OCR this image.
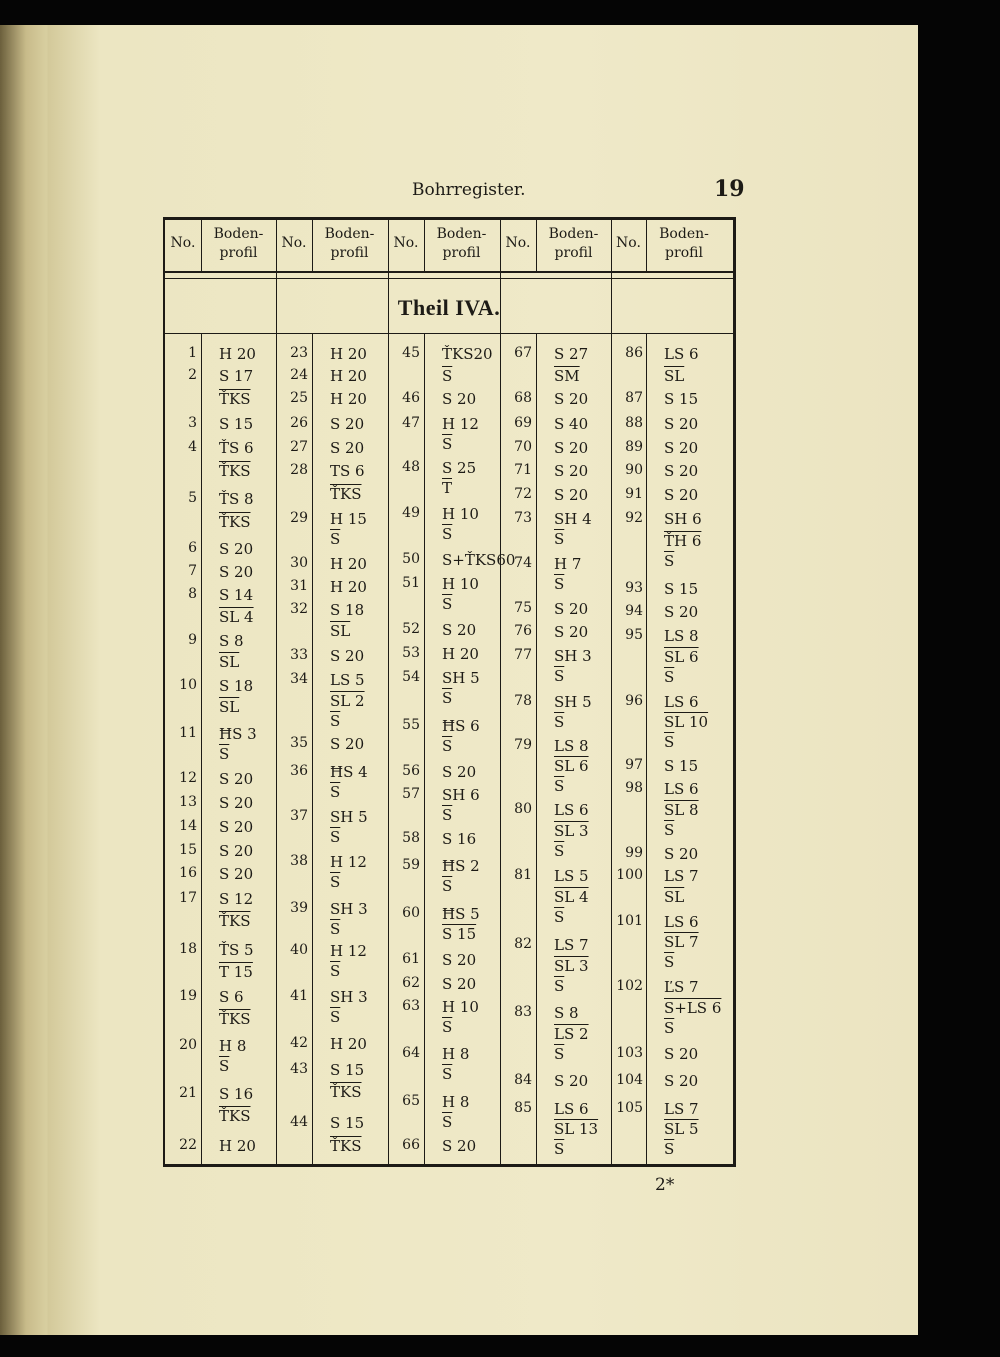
Bohrregister.	19
Theil IVA.
No.
Boden-
profil
1 H 20
2 S 17
$\overline{ŤKS}$
3 S 15
4 ŤS 6
$\overline{ŤKS}$
5 ŤS 8
$\overline{ŤKS}$
6 S 20
7 S 20
8 S 14
SL 4
9 S 8
$\overline{SL}$
10 S 18
$\overline{SL}$
11 ĦS 3
$\overline{S}$
12 S 20
13 S 20
14 S 20
15 S 20
16 S 20
17 S 12
$\overline{ŤKS}$
18 ŤS 5
T 15
19 S 6
$\overline{ŤKS}$
20 H 8
$\overline{S}$
21 S 16
$\overline{ŤKS}$
22 H 20
No.
Boden-
profil
23 H 20
24 H 20
25 H 20
26 S 20
27 S 20
28 TS 6
$\overline{ŤKS}$
29 H 15
$\overline{S}$
30 H 20
31 H 20
32 S 18
$\overline{SL}$
33 S 20
34 LS 5
SL 2
$\overline{S}$
35 S 20
36 ĦS 4
$\overline{S}$
37 SH 5
$\overline{S}$
38 H 12
$\overline{S}$
39 SH 3
$\overline{S}$
40 H 12
$\overline{S}$
41 SH 3
$\overline{S}$
42 H 20
43 S 15
$\overline{ŤKS}$
44 S 15
$\overline{ŤKS}$
No.
Boden-
profil
45 ŤKS20
$\overline{S}$
46 S 20
47 H 12
$\overline{S}$
48 S 25
$\overline{T}$
49 H 10
$\overline{S}$
50 S+ŤKS60
51 H 10
$\overline{S}$
52 S 20
53 H 20
54 SH 5
$\overline{S}$
55 ĦS 6
$\overline{S}$
56 S 20
57 SH 6
$\overline{S}$
58 S 16
59 ĦS 2
$\overline{S}$
60 ĦS 5
S 15
61 S 20
62 S 20
63 H 10
$\overline{S}$
64 H 8
$\overline{S}$
65 H 8
$\overline{S}$
66 S 20
No.
Boden-
profil
67 S 27
$\overline{SM}$
68 S 20
69 S 40
70 S 20
71 S 20
72 S 20
73 SH 4
$\overline{S}$
74 H 7
$\overline{S}$
75 S 20
76 S 20
77 SH 3
$\overline{S}$
78 SH 5
$\overline{S}$
79 LS 8
SL 6
$\overline{S}$
80 LS 6
SL 3
$\overline{S}$
81 LS 5
SL 4
$\overline{S}$
82 LS 7
SL 3
$\overline{S}$
83 S 8
LS 2
$\overline{S}$
84 S 20
85 LS 6
SL 13
$\overline{S}$
No.
Boden-
profil
86 LS 6
$\overline{SL}$
87 S 15
88 S 20
89 S 20
90 S 20
91 S 20
92 SH 6
ŤH 6
$\overline{S}$
93 S 15
94 S 20
95 LS 8
SL 6
$\overline{S}$
96 LS 6
SL 10
$\overline{S}$
97 S 15
98 LS 6
SL 8
$\overline{S}$
99 S 20
100 LS 7
$\overline{SL}$
101 LS 6
SL 7
$\overline{S}$
102 ĽS 7
S+LS 6
$\overline{S}$
103 S 20
104 S 20
105 LS 7
SL 5
$\overline{S}$
2*
